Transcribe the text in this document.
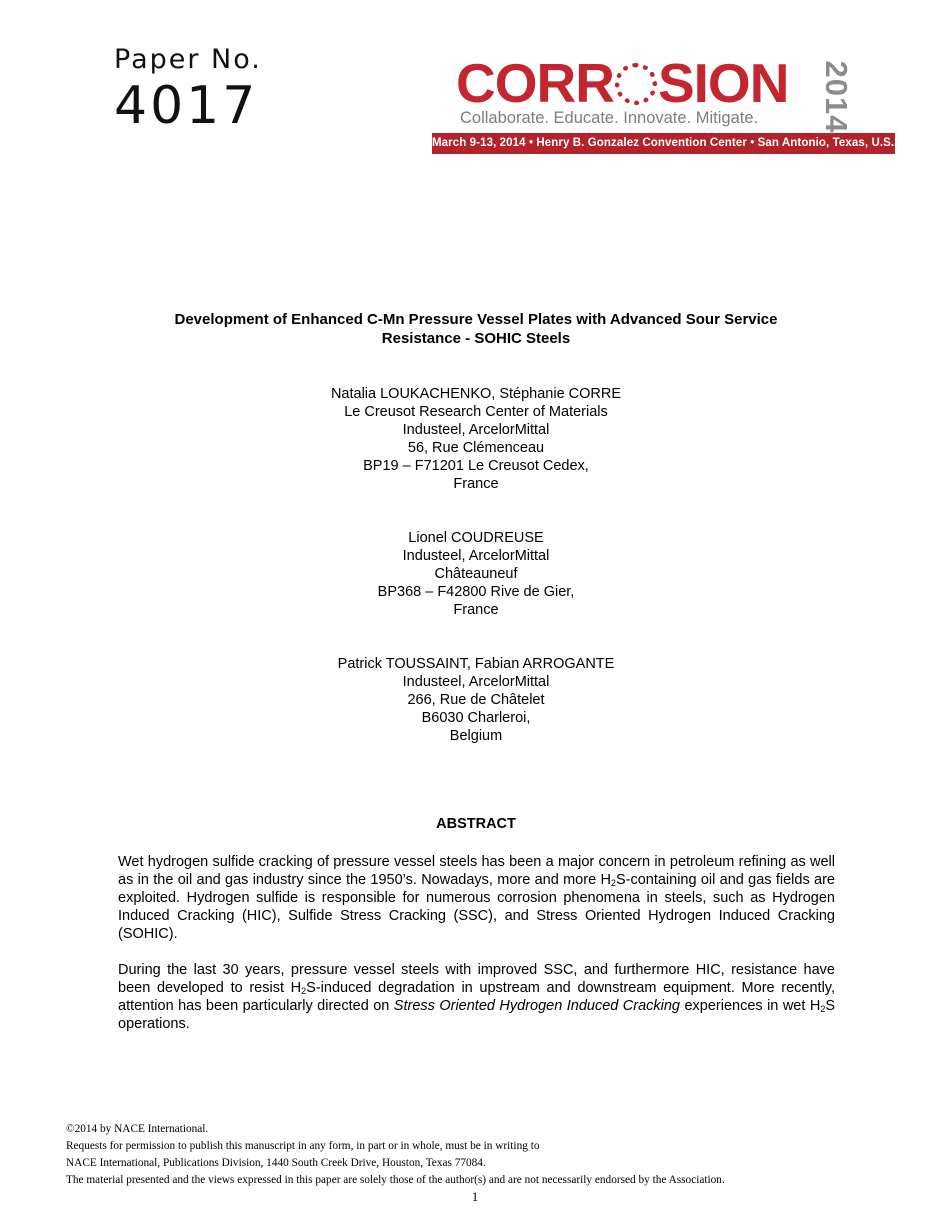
Paper No.
4017	CORR SION 2014
Collaborate. Educate. Innovate. Mitigate.
March 9-13, 2014 • Henry B. Gonzalez Convention Center • San Antonio, Texas, U.S.A.
Development of Enhanced C-Mn Pressure Vessel Plates with Advanced Sour Service
Resistance - SOHIC Steels
Natalia LOUKACHENKO, Stéphanie CORRE
Le Creusot Research Center of Materials
Industeel, ArcelorMittal
56, Rue Clémenceau
BP19 – F71201 Le Creusot Cedex,
France
Lionel COUDREUSE
Industeel, ArcelorMittal
Châteauneuf
BP368 – F42800 Rive de Gier,
France
Patrick TOUSSAINT, Fabian ARROGANTE
Industeel, ArcelorMittal
266, Rue de Châtelet
B6030 Charleroi,
Belgium
ABSTRACT
Wet hydrogen sulfide cracking of pressure vessel steels has been a major concern in petroleum refining as well as in the oil and gas industry since the 1950’s. Nowadays, more and more $H_2S$-containing oil and gas fields are exploited. Hydrogen sulfide is responsible for numerous corrosion phenomena in steels, such as Hydrogen Induced Cracking (HIC), Sulfide Stress Cracking (SSC), and Stress Oriented Hydrogen Induced Cracking (SOHIC).
During the last 30 years, pressure vessel steels with improved SSC, and furthermore HIC, resistance have been developed to resist $H_2S$-induced degradation in upstream and downstream equipment. More recently, attention has been particularly directed on Stress Oriented Hydrogen Induced Cracking experiences in wet $H_2S$ operations.
©2014 by NACE International.
Requests for permission to publish this manuscript in any form, in part or in whole, must be in writing to
NACE International, Publications Division, 1440 South Creek Drive, Houston, Texas 77084.
The material presented and the views expressed in this paper are solely those of the author(s) and are not necessarily endorsed by the Association.
1
